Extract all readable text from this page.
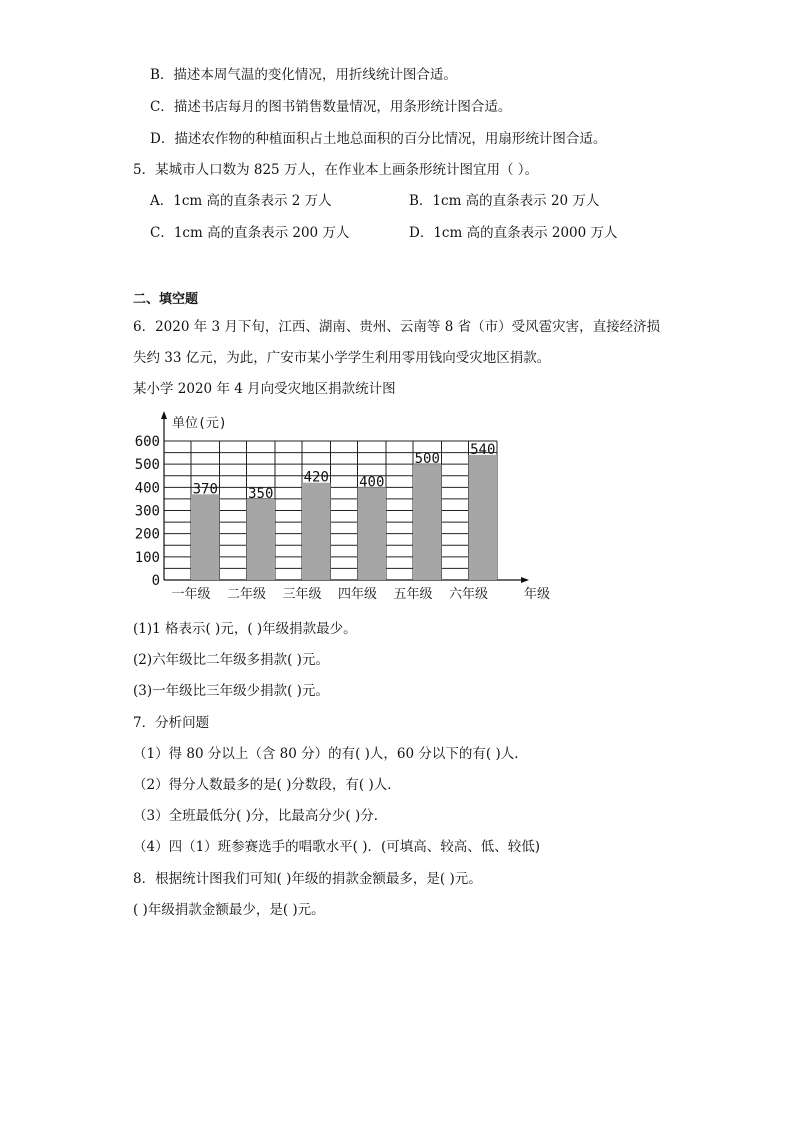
B．描述本周气温的变化情况，用折线统计图合适。
C．描述书店每月的图书销售数量情况，用条形统计图合适。
D．描述农作物的种植面积占土地总面积的百分比情况，用扇形统计图合适。
5．某城市人口数为 825 万人，在作业本上画条形统计图宜用（ ）。
A．1cm 高的直条表示 2 万人	B．1cm 高的直条表示 20 万人
C．1cm 高的直条表示 200 万人	D．1cm 高的直条表示 2000 万人
二、填空题
6．2020 年 3 月下旬，江西、湖南、贵州、云南等 8 省（市）受风雹灾害，直接经济损
失约 33 亿元，为此，广安市某小学学生利用零用钱向受灾地区捐款。
某小学 2020 年 4 月向受灾地区捐款统计图
0
100
200
300
400
500
600
单位(元)
370 350
420 400
500
540
一年级 二年级 三年级 四年级 五年级 六年级	年级
(1)1 格表示( )元，( )年级捐款最少。
(2)六年级比二年级多捐款( )元。
(3)一年级比三年级少捐款( )元。
7．分析问题
（1）得 80 分以上（含 80 分）的有( )人，60 分以下的有( )人．
（2）得分人数最多的是( )分数段，有( )人．
（3）全班最低分( )分，比最高分少( )分．
（4）四（1）班参赛选手的唱歌水平( )．(可填高、较高、低、较低)
8．根据统计图我们可知( )年级的捐款金额最多，是( )元。
( )年级捐款金额最少，是( )元。
